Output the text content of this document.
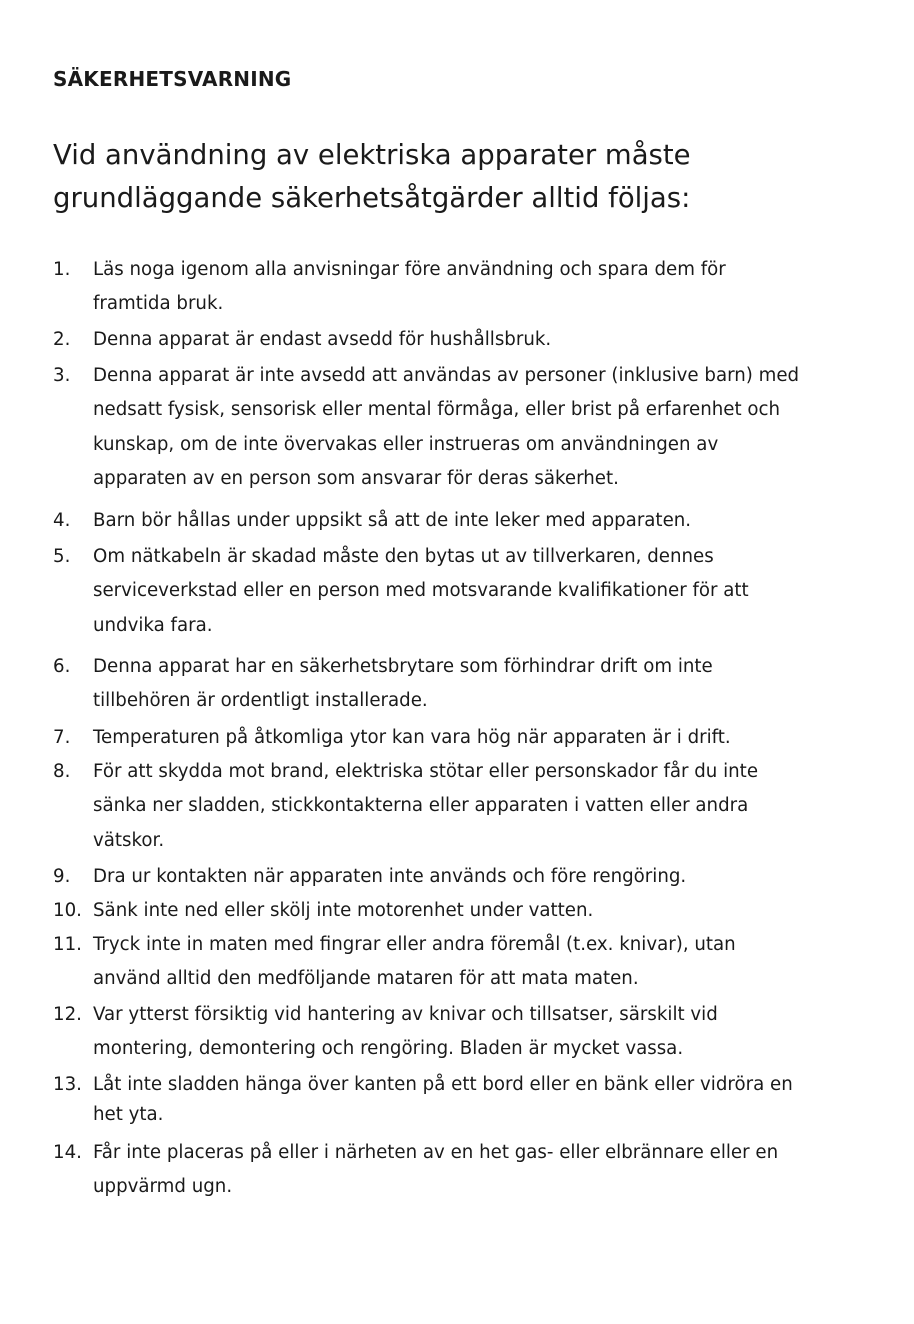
SÄKERHETSVARNING
Vid användning av elektriska apparater måste
grundläggande säkerhetsåtgärder alltid följas:
1.	Läs noga igenom alla anvisningar före användning och spara dem för
framtida bruk.
2.	Denna apparat är endast avsedd för hushållsbruk.
3.	Denna apparat är inte avsedd att användas av personer (inklusive barn) med
nedsatt fysisk, sensorisk eller mental förmåga, eller brist på erfarenhet och
kunskap, om de inte övervakas eller instrueras om användningen av
apparaten av en person som ansvarar för deras säkerhet.
4.	Barn bör hållas under uppsikt så att de inte leker med apparaten.
5.	Om nätkabeln är skadad måste den bytas ut av tillverkaren, dennes
serviceverkstad eller en person med motsvarande kvalifikationer för att
undvika fara.
6.	Denna apparat har en säkerhetsbrytare som förhindrar drift om inte
tillbehören är ordentligt installerade.
7.	Temperaturen på åtkomliga ytor kan vara hög när apparaten är i drift.
8.	För att skydda mot brand, elektriska stötar eller personskador får du inte
sänka ner sladden, stickkontakterna eller apparaten i vatten eller andra
vätskor.
9.	Dra ur kontakten när apparaten inte används och före rengöring.
10. Sänk inte ned eller skölj inte motorenhet under vatten.
11. Tryck inte in maten med fingrar eller andra föremål (t.ex. knivar), utan
använd alltid den medföljande mataren för att mata maten.
12. Var ytterst försiktig vid hantering av knivar och tillsatser, särskilt vid
montering, demontering och rengöring. Bladen är mycket vassa.
13. Låt inte sladden hänga över kanten på ett bord eller en bänk eller vidröra en
het yta.
14. Får inte placeras på eller i närheten av en het gas- eller elbrännare eller en
uppvärmd ugn.
